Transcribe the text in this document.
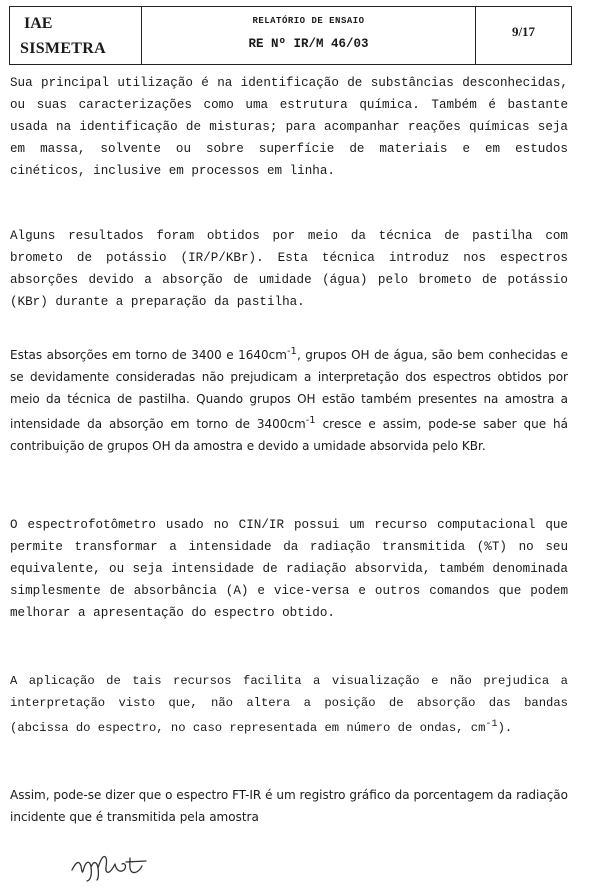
IAE
SISMETRA
RELATÓRIO DE ENSAIO
RE Nº IR/M 46/03
9/17

Sua principal utilização é na identificação de substâncias desconhecidas, ou suas caracterizações como uma estrutura química. Também é bastante usada na identificação de misturas; para acompanhar reações químicas seja em massa, solvente ou sobre superfície de materiais e em estudos cinéticos, inclusive em processos em linha.

Alguns resultados foram obtidos por meio da técnica de pastilha com brometo de potássio (IR/P/KBr). Esta técnica introduz nos espectros absorções devido a absorção de umidade (água) pelo brometo de potássio (KBr) durante a preparação da pastilha.

Estas absorções em torno de 3400 e $1640cm^{-1}$, grupos OH de água, são bem conhecidas e se devidamente consideradas não prejudicam a interpretação dos espectros obtidos por meio da técnica de pastilha. Quando grupos OH estão também presentes na amostra a intensidade da absorção em torno de $3400cm^{-1}$ cresce e assim, pode-se saber que há contribuição de grupos OH da amostra e devido a umidade absorvida pelo KBr.

O espectrofotômetro usado no CIN/IR possui um recurso computacional que permite transformar a intensidade da radiação transmitida (%T) no seu equivalente, ou seja intensidade de radiação absorvida, também denominada simplesmente de absorbância (A) e vice-versa e outros comandos que podem melhorar a apresentação do espectro obtido.

A aplicação de tais recursos facilita a visualização e não prejudica a interpretação visto que, não altera a posição de absorção das bandas (abcissa do espectro, no caso representada em número de ondas, $cm^{-1}$).

Assim, pode-se dizer que o espectro FT-IR é um registro gráfico da porcentagem da radiação incidente que é transmitida pela amostra
